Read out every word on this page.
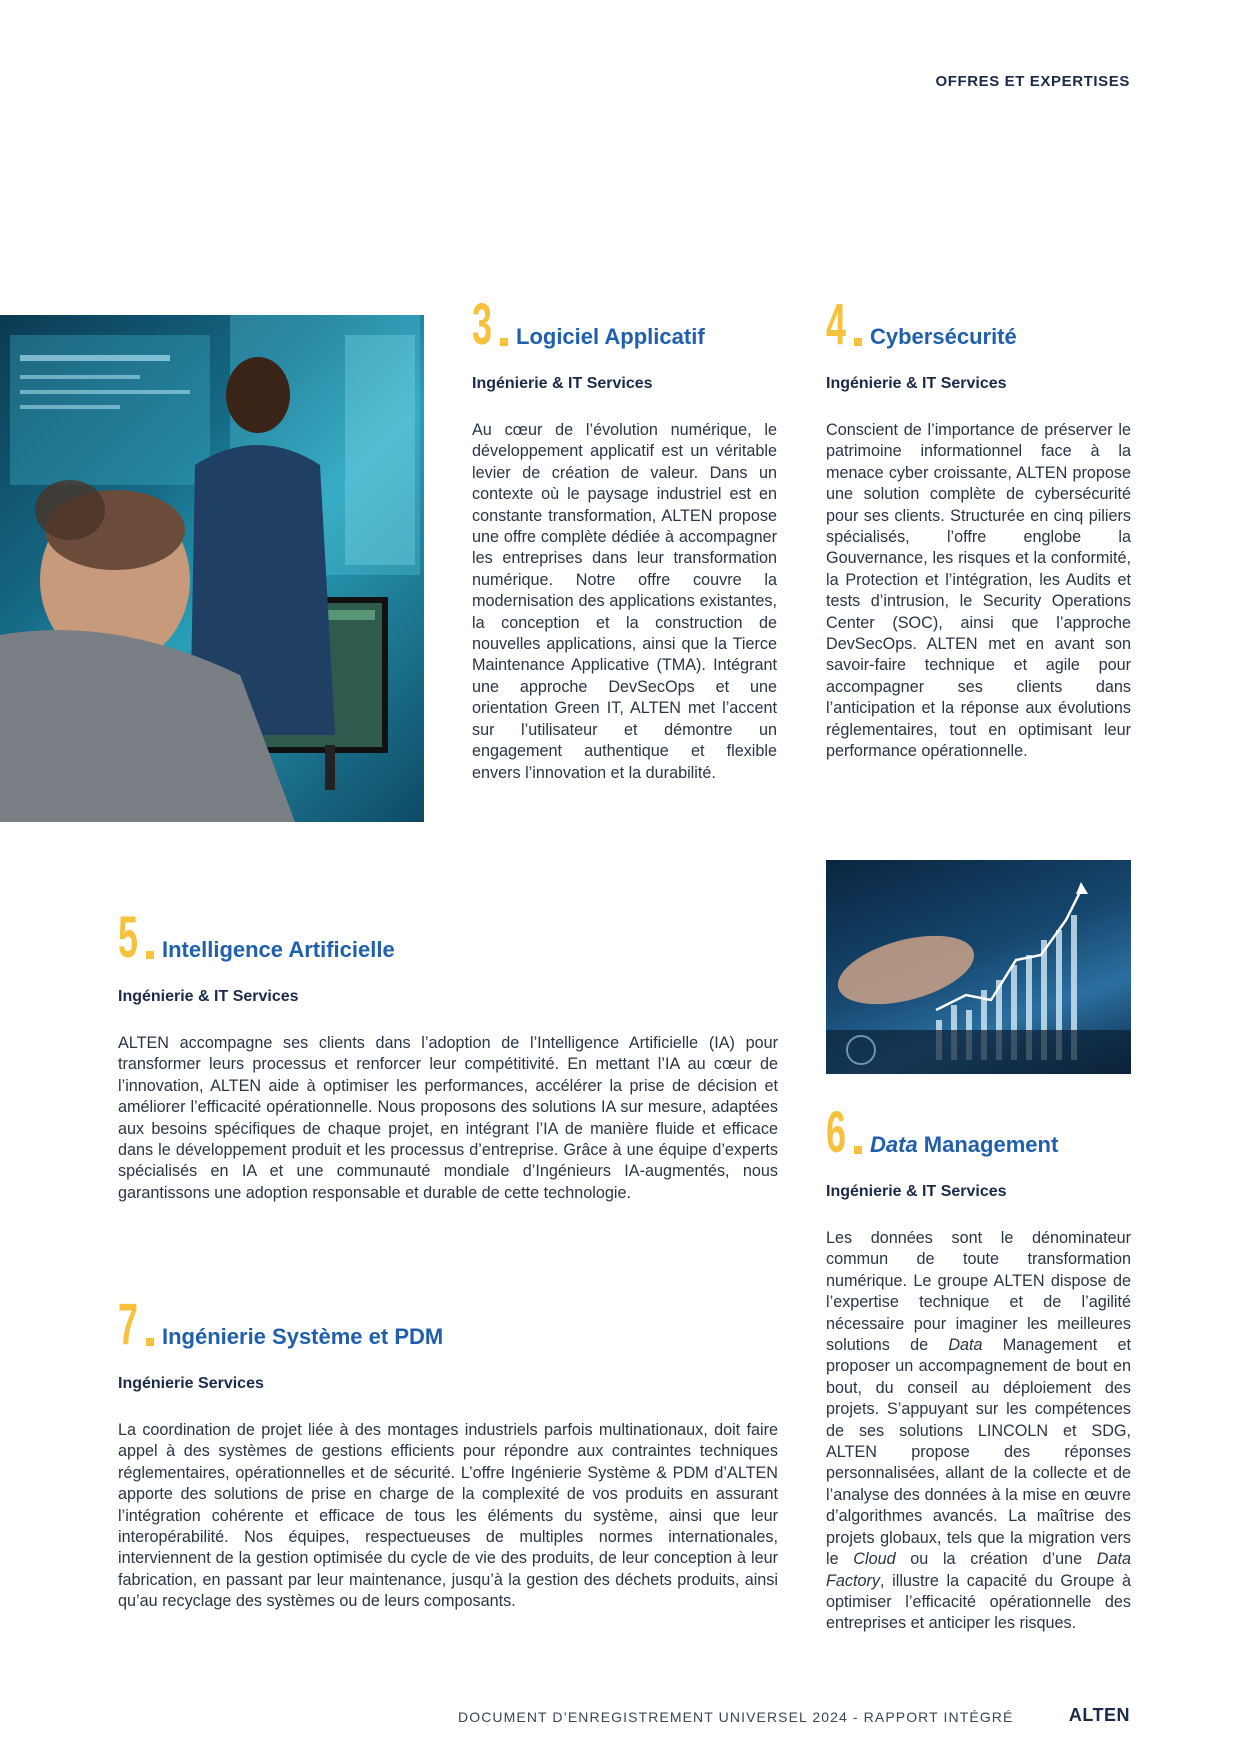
OFFRES ET EXPERTISES
3 Logiciel Applicatif
Ingénierie & IT Services

Au cœur de l’évolution numérique, le développement applicatif est un véritable levier de création de valeur. Dans un contexte où le paysage industriel est en constante transformation, ALTEN propose une offre complète dédiée à accompagner les entreprises dans leur transformation numérique. Notre offre couvre la modernisation des applications existantes, la conception et la construction de nouvelles applications, ainsi que la Tierce Maintenance Applicative (TMA). Intégrant une approche DevSecOps et une orientation Green IT, ALTEN met l’accent sur l’utilisateur et démontre un engagement authentique et flexible envers l’innovation et la durabilité.

4 Cybersécurité
Ingénierie & IT Services

Conscient de l’importance de préserver le patrimoine informationnel face à la menace cyber croissante, ALTEN propose une solution complète de cybersécurité pour ses clients. Structurée en cinq piliers spécialisés, l’offre englobe la Gouvernance, les risques et la conformité, la Protection et l’intégration, les Audits et tests d’intrusion, le Security Operations Center (SOC), ainsi que l’approche DevSecOps. ALTEN met en avant son savoir-faire technique et agile pour accompagner ses clients dans l’anticipation et la réponse aux évolutions réglementaires, tout en optimisant leur performance opérationnelle.

5 Intelligence Artificielle
Ingénierie & IT Services

ALTEN accompagne ses clients dans l’adoption de l’Intelligence Artificielle (IA) pour transformer leurs processus et renforcer leur compétitivité. En mettant l’IA au cœur de l’innovation, ALTEN aide à optimiser les performances, accélérer la prise de décision et améliorer l’efficacité opérationnelle. Nous proposons des solutions IA sur mesure, adaptées aux besoins spécifiques de chaque projet, en intégrant l’IA de manière fluide et efficace dans le développement produit et les processus d’entreprise. Grâce à une équipe d’experts spécialisés en IA et une communauté mondiale d’Ingénieurs IA-augmentés, nous garantissons une adoption responsable et durable de cette technologie.

6 Data Management
Ingénierie & IT Services

Les données sont le dénominateur commun de toute transformation numérique. Le groupe ALTEN dispose de l’expertise technique et de l’agilité nécessaire pour imaginer les meilleures solutions de Data Management et proposer un accompagnement de bout en bout, du conseil au déploiement des projets. S’appuyant sur les compétences de ses solutions LINCOLN et SDG, ALTEN propose des réponses personnalisées, allant de la collecte et de l’analyse des données à la mise en œuvre d’algorithmes avancés. La maîtrise des projets globaux, tels que la migration vers le Cloud ou la création d’une Data Factory, illustre la capacité du Groupe à optimiser l’efficacité opérationnelle des entreprises et anticiper les risques.

7 Ingénierie Système et PDM
Ingénierie Services

La coordination de projet liée à des montages industriels parfois multinationaux, doit faire appel à des systèmes de gestions efficients pour répondre aux contraintes techniques réglementaires, opérationnelles et de sécurité. L’offre Ingénierie Système & PDM d’ALTEN apporte des solutions de prise en charge de la complexité de vos produits en assurant l’intégration cohérente et efficace de tous les éléments du système, ainsi que leur interopérabilité. Nos équipes, respectueuses de multiples normes internationales, interviennent de la gestion optimisée du cycle de vie des produits, de leur conception à leur fabrication, en passant par leur maintenance, jusqu’à la gestion des déchets produits, ainsi qu’au recyclage des systèmes ou de leurs composants.

DOCUMENT D’ENREGISTREMENT UNIVERSEL 2024 - RAPPORT INTÉGRÉ	ALTEN
